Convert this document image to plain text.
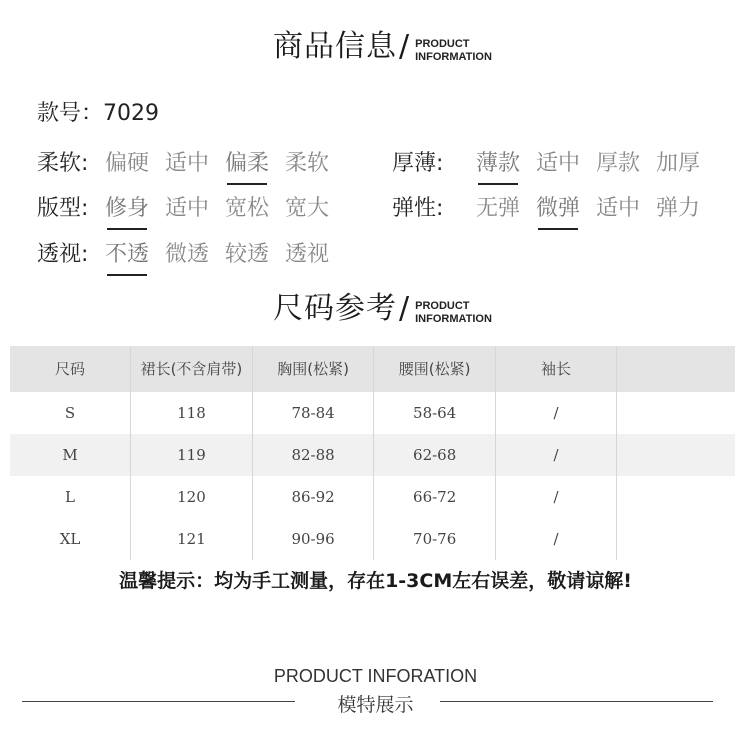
商品信息 / PRODUCT
INFORMATION
款号：7029
柔软: 偏硬 适中 偏柔 柔软	厚薄:	薄款 适中 厚款 加厚
版型: 修身 适中 宽松 宽大	弹性:	无弹 微弹 适中 弹力
透视: 不透 微透 较透 透视
尺码参考 / PRODUCT
INFORMATION
尺码	裙长(不含肩带)	胸围(松紧)	腰围(松紧)	袖长	
S	118	78-84	58-64	/	
M	119	82-88	62-68	/	
L	120	86-92	66-72	/	
XL	121	90-96	70-76	/	
温馨提示：均为手工测量，存在1-3CM左右误差，敬请谅解!
PRODUCT INFORATION
模特展示
